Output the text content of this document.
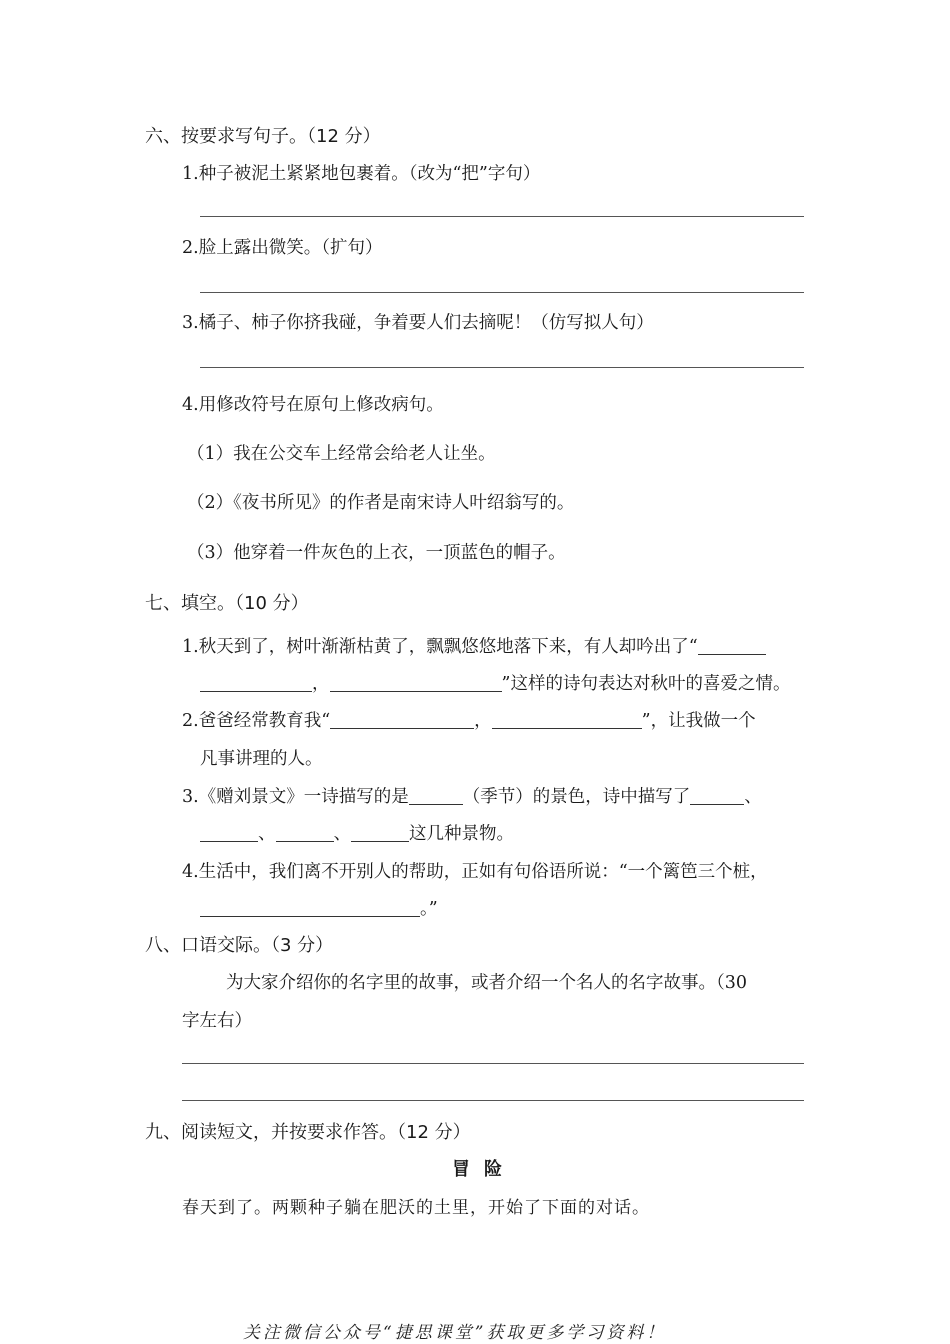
六、按要求写句子。（12 分）
1.种子被泥土紧紧地包裹着。（改为“把”字句）
2.脸上露出微笑。（扩句）
3.橘子、柿子你挤我碰，争着要人们去摘呢！（仿写拟人句）
4.用修改符号在原句上修改病句。
（1）我在公交车上经常会给老人让坐。
（2）《夜书所见》的作者是南宋诗人叶绍翁写的。
（3）他穿着一件灰色的上衣，一顶蓝色的帽子。
七、填空。（10 分）
1.秋天到了，树叶渐渐枯黄了，飘飘悠悠地落下来，有人却吟出了“
，	”这样的诗句表达对秋叶的喜爱之情。
2.爸爸经常教育我“	，	”，让我做一个
凡事讲理的人。
3.《赠刘景文》一诗描写的是	（季节）的景色，诗中描写了	、
、	、	这几种景物。
4.生活中，我们离不开别人的帮助，正如有句俗语所说：“一个篱笆三个桩，
。”
八、口语交际。（3 分）
为大家介绍你的名字里的故事，或者介绍一个名人的名字故事。（30
字左右）
九、阅读短文，并按要求作答。（12 分）
冒险
春天到了。两颗种子躺在肥沃的土里，开始了下面的对话。
关注微信公众号“捷思课堂”获取更多学习资料！
